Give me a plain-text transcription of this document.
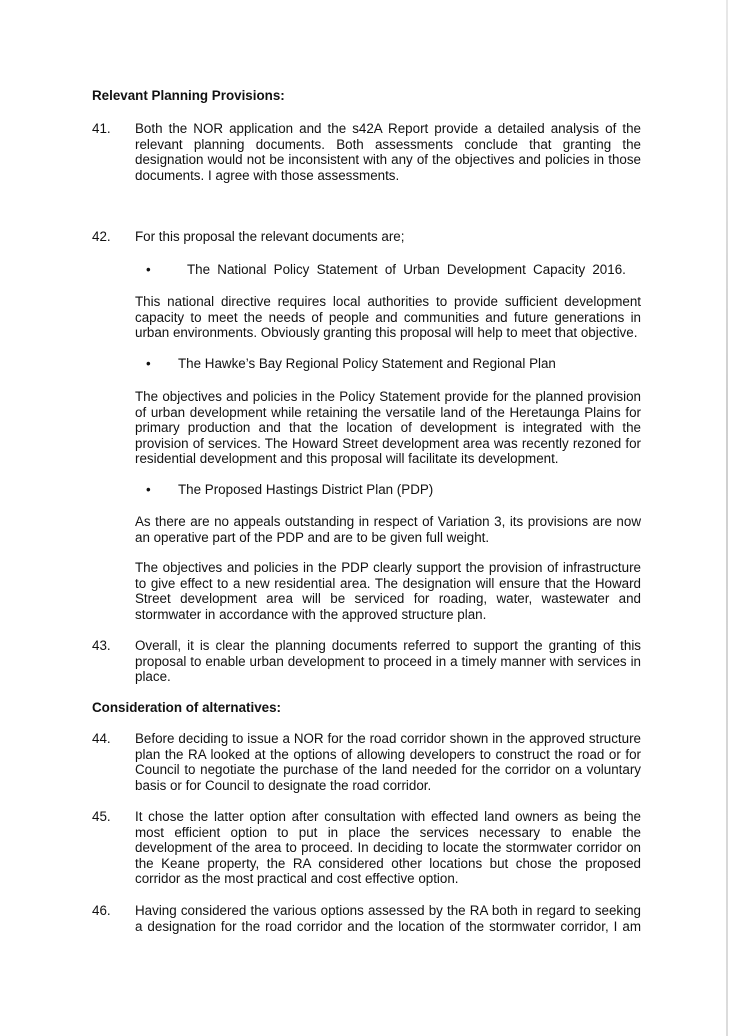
Relevant Planning Provisions:
41.	Both the NOR application and the s42A Report provide a detailed analysis of the relevant planning documents. Both assessments conclude that granting the designation would not be inconsistent with any of the objectives and policies in those documents. I agree with those assessments.
42.	For this proposal the relevant documents are;
•	The National Policy Statement of Urban Development Capacity 2016.
This national directive requires local authorities to provide sufficient development capacity to meet the needs of people and communities and future generations in urban environments. Obviously granting this proposal will help to meet that objective.
• The Hawke’s Bay Regional Policy Statement and Regional Plan
The objectives and policies in the Policy Statement provide for the planned provision of urban development while retaining the versatile land of the Heretaunga Plains for primary production and that the location of development is integrated with the provision of services. The Howard Street development area was recently rezoned for residential development and this proposal will facilitate its development.
• The Proposed Hastings District Plan (PDP)
As there are no appeals outstanding in respect of Variation 3, its provisions are now an operative part of the PDP and are to be given full weight.
The objectives and policies in the PDP clearly support the provision of infrastructure to give effect to a new residential area. The designation will ensure that the Howard Street development area will be serviced for roading, water, wastewater and stormwater in accordance with the approved structure plan.
43.	Overall, it is clear the planning documents referred to support the granting of this proposal to enable urban development to proceed in a timely manner with services in place.
Consideration of alternatives:
44.	Before deciding to issue a NOR for the road corridor shown in the approved structure plan the RA looked at the options of allowing developers to construct the road or for Council to negotiate the purchase of the land needed for the corridor on a voluntary basis or for Council to designate the road corridor.
45.	It chose the latter option after consultation with effected land owners as being the most efficient option to put in place the services necessary to enable the development of the area to proceed. In deciding to locate the stormwater corridor on the Keane property, the RA considered other locations but chose the proposed corridor as the most practical and cost effective option.
46.	Having considered the various options assessed by the RA both in regard to seeking a designation for the road corridor and the location of the stormwater corridor, I am
